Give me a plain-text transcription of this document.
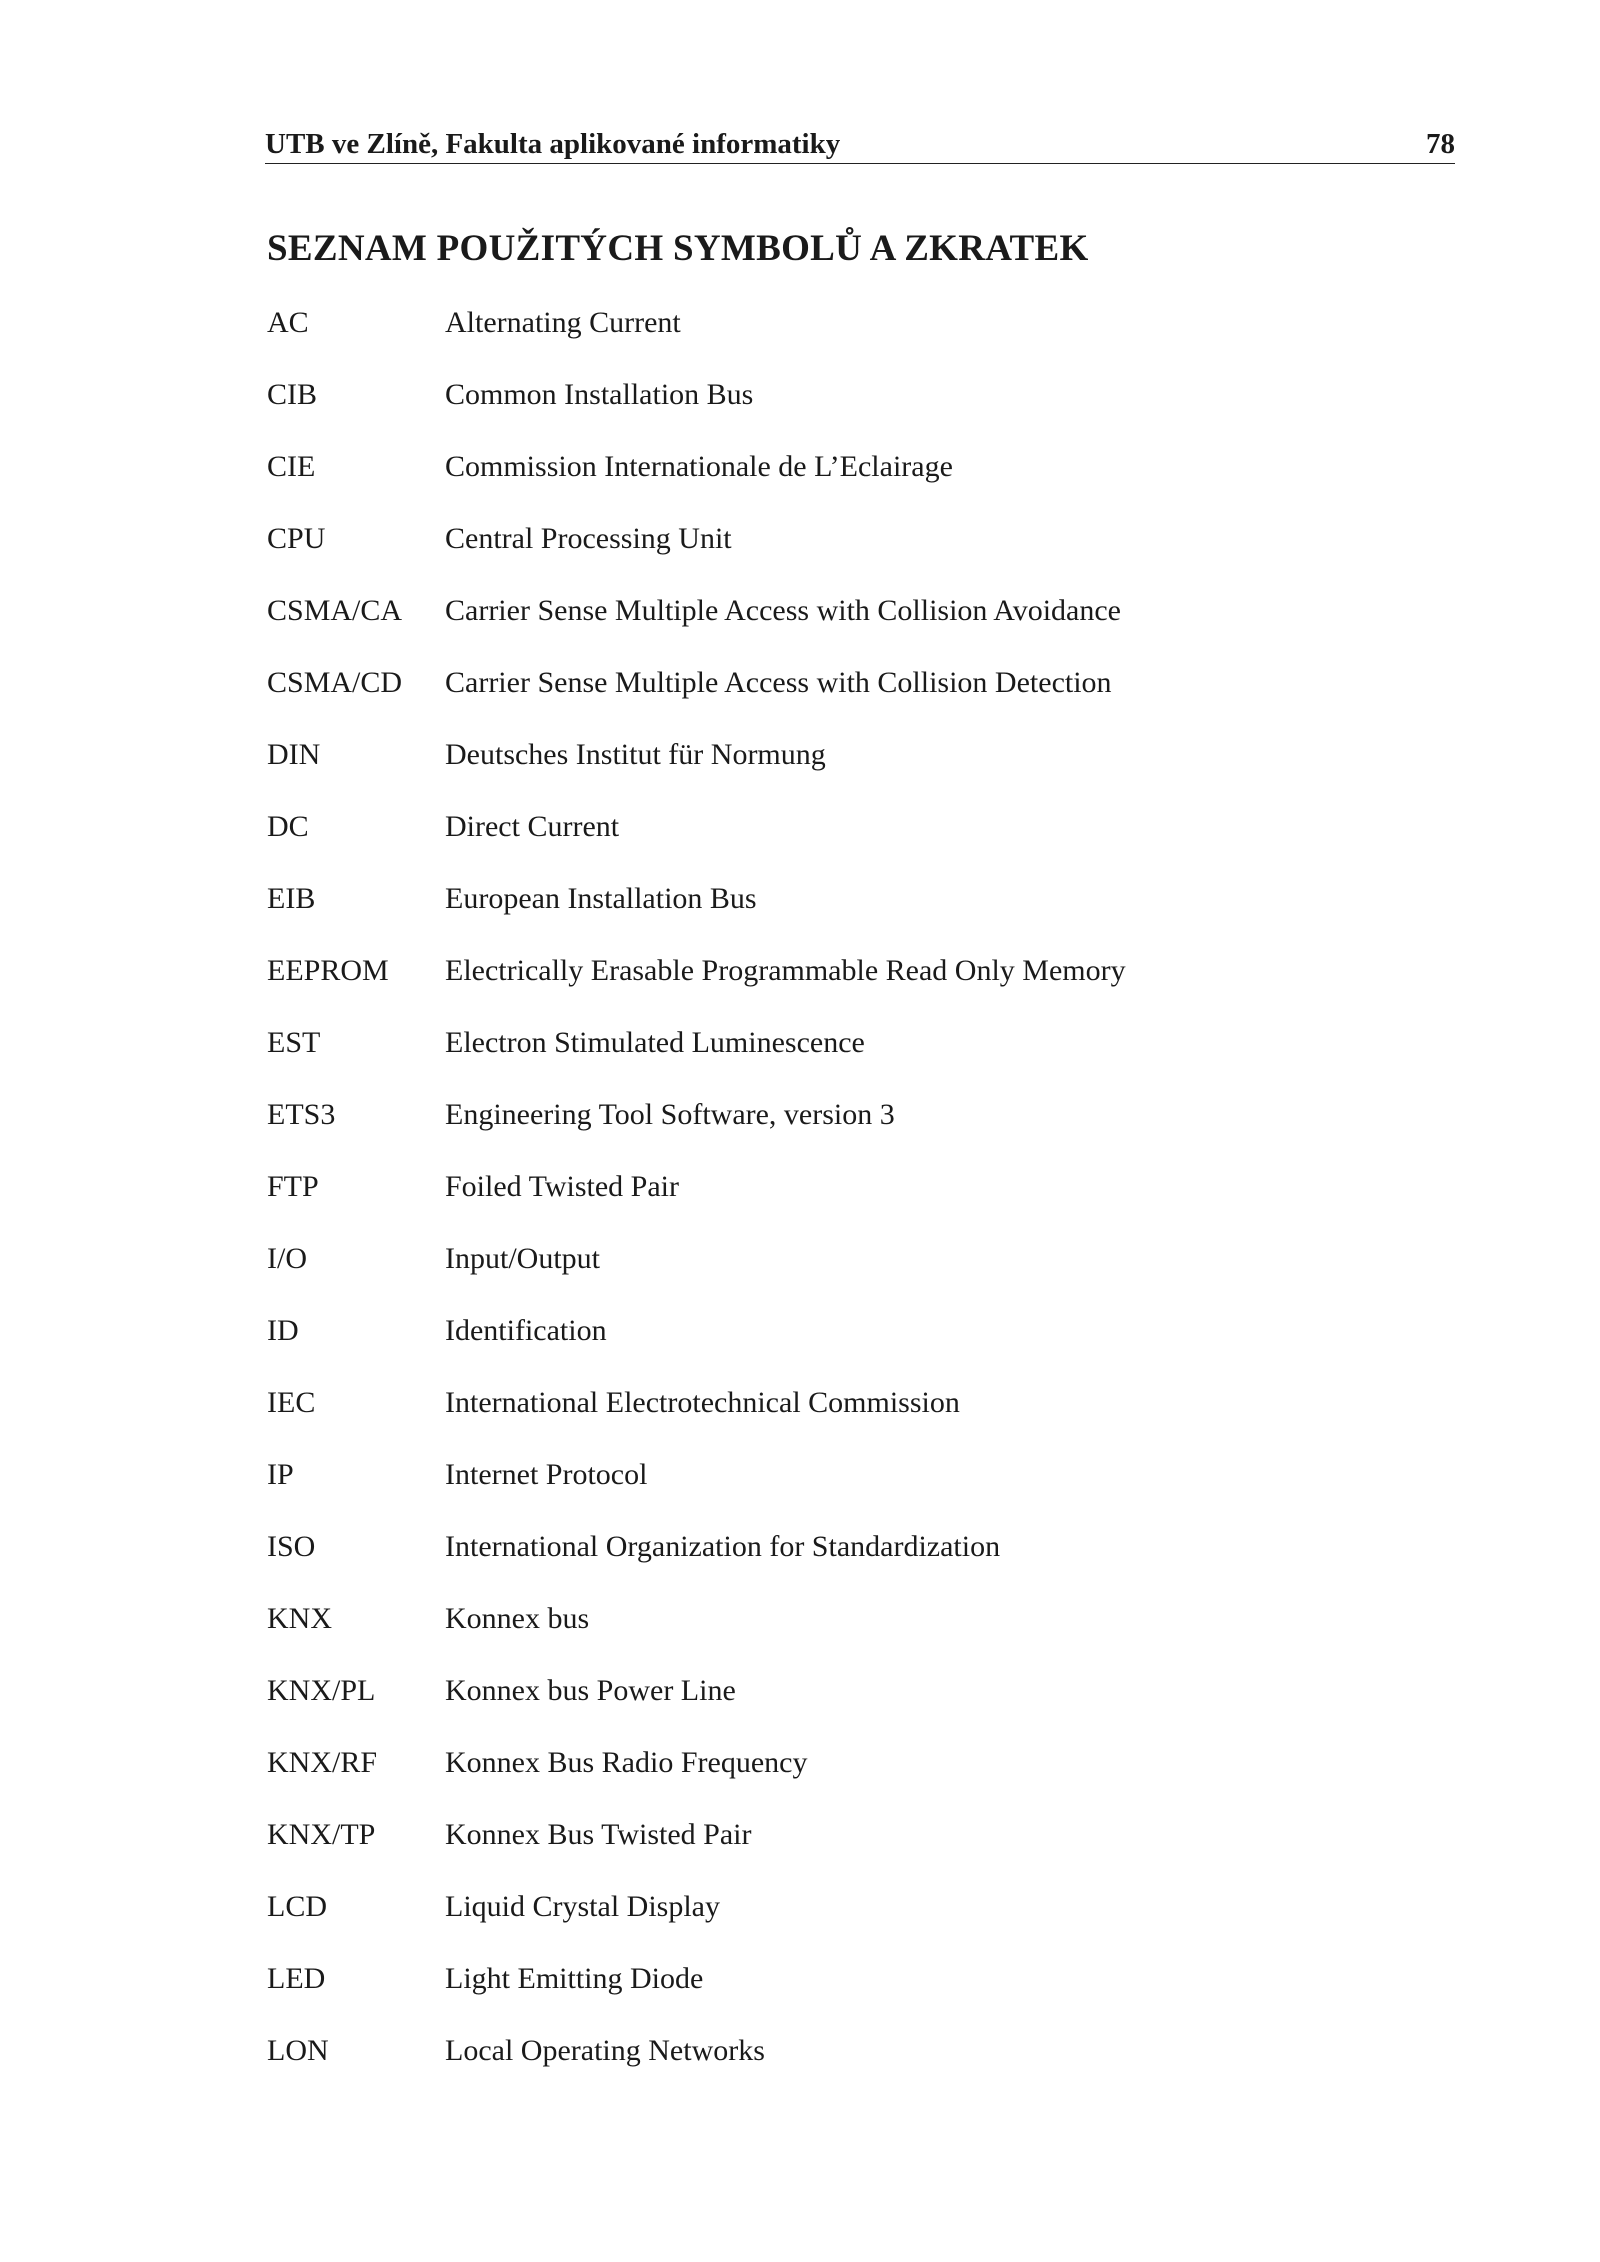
UTB ve Zlíně, Fakulta aplikované informatiky	78
SEZNAM POUŽITÝCH SYMBOLŮ A ZKRATEK
AC	Alternating Current
CIB	Common Installation Bus
CIE	Commission Internationale de L’Eclairage
CPU	Central Processing Unit
CSMA/CA	Carrier Sense Multiple Access with Collision Avoidance
CSMA/CD	Carrier Sense Multiple Access with Collision Detection
DIN	Deutsches Institut für Normung
DC	Direct Current
EIB	European Installation Bus
EEPROM	Electrically Erasable Programmable Read Only Memory
EST	Electron Stimulated Luminescence
ETS3	Engineering Tool Software, version 3
FTP	Foiled Twisted Pair
I/O	Input/Output
ID	Identification
IEC	International Electrotechnical Commission
IP	Internet Protocol
ISO	International Organization for Standardization
KNX	Konnex bus
KNX/PL	Konnex bus Power Line
KNX/RF	Konnex Bus Radio Frequency
KNX/TP	Konnex Bus Twisted Pair
LCD	Liquid Crystal Display
LED	Light Emitting Diode
LON	Local Operating Networks
